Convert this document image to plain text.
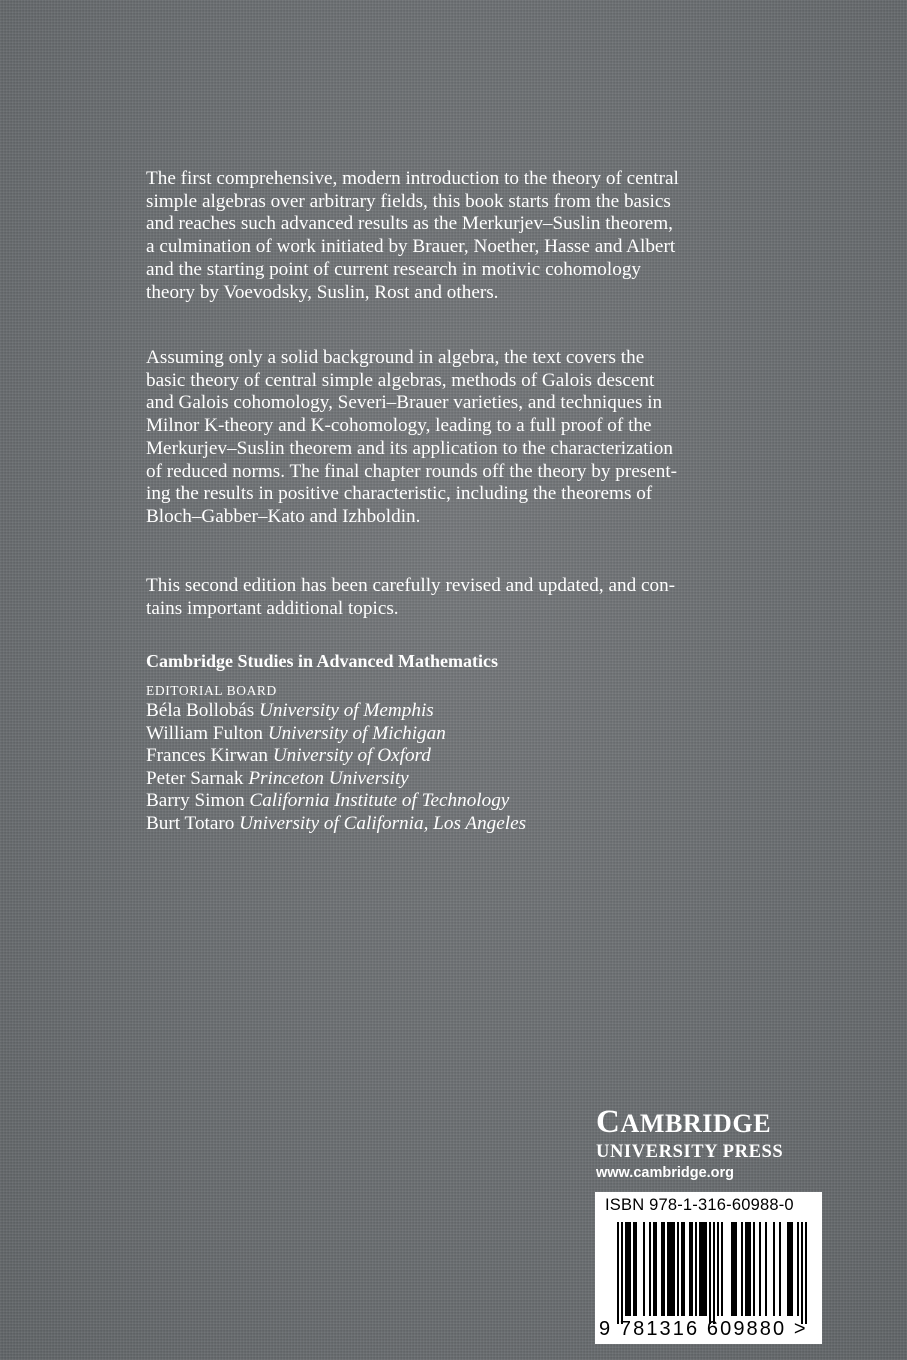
The first comprehensive, modern introduction to the theory of central
simple algebras over arbitrary fields, this book starts from the basics
and reaches such advanced results as the Merkurjev–Suslin theorem,
a culmination of work initiated by Brauer, Noether, Hasse and Albert
and the starting point of current research in motivic cohomology
theory by Voevodsky, Suslin, Rost and others.

Assuming only a solid background in algebra, the text covers the
basic theory of central simple algebras, methods of Galois descent
and Galois cohomology, Severi–Brauer varieties, and techniques in
Milnor K-theory and K-cohomology, leading to a full proof of the
Merkurjev–Suslin theorem and its application to the characterization
of reduced norms. The final chapter rounds off the theory by present-
ing the results in positive characteristic, including the theorems of
Bloch–Gabber–Kato and Izhboldin.

This second edition has been carefully revised and updated, and con-
tains important additional topics.

Cambridge Studies in Advanced Mathematics
EDITORIAL BOARD
Béla Bollobás University of Memphis
William Fulton University of Michigan
Frances Kirwan University of Oxford
Peter Sarnak Princeton University
Barry Simon California Institute of Technology
Burt Totaro University of California, Los Angeles
CAMBRIDGE
UNIVERSITY PRESS
www.cambridge.org
ISBN 978-1-316-60988-0
9 781316 609880 >
